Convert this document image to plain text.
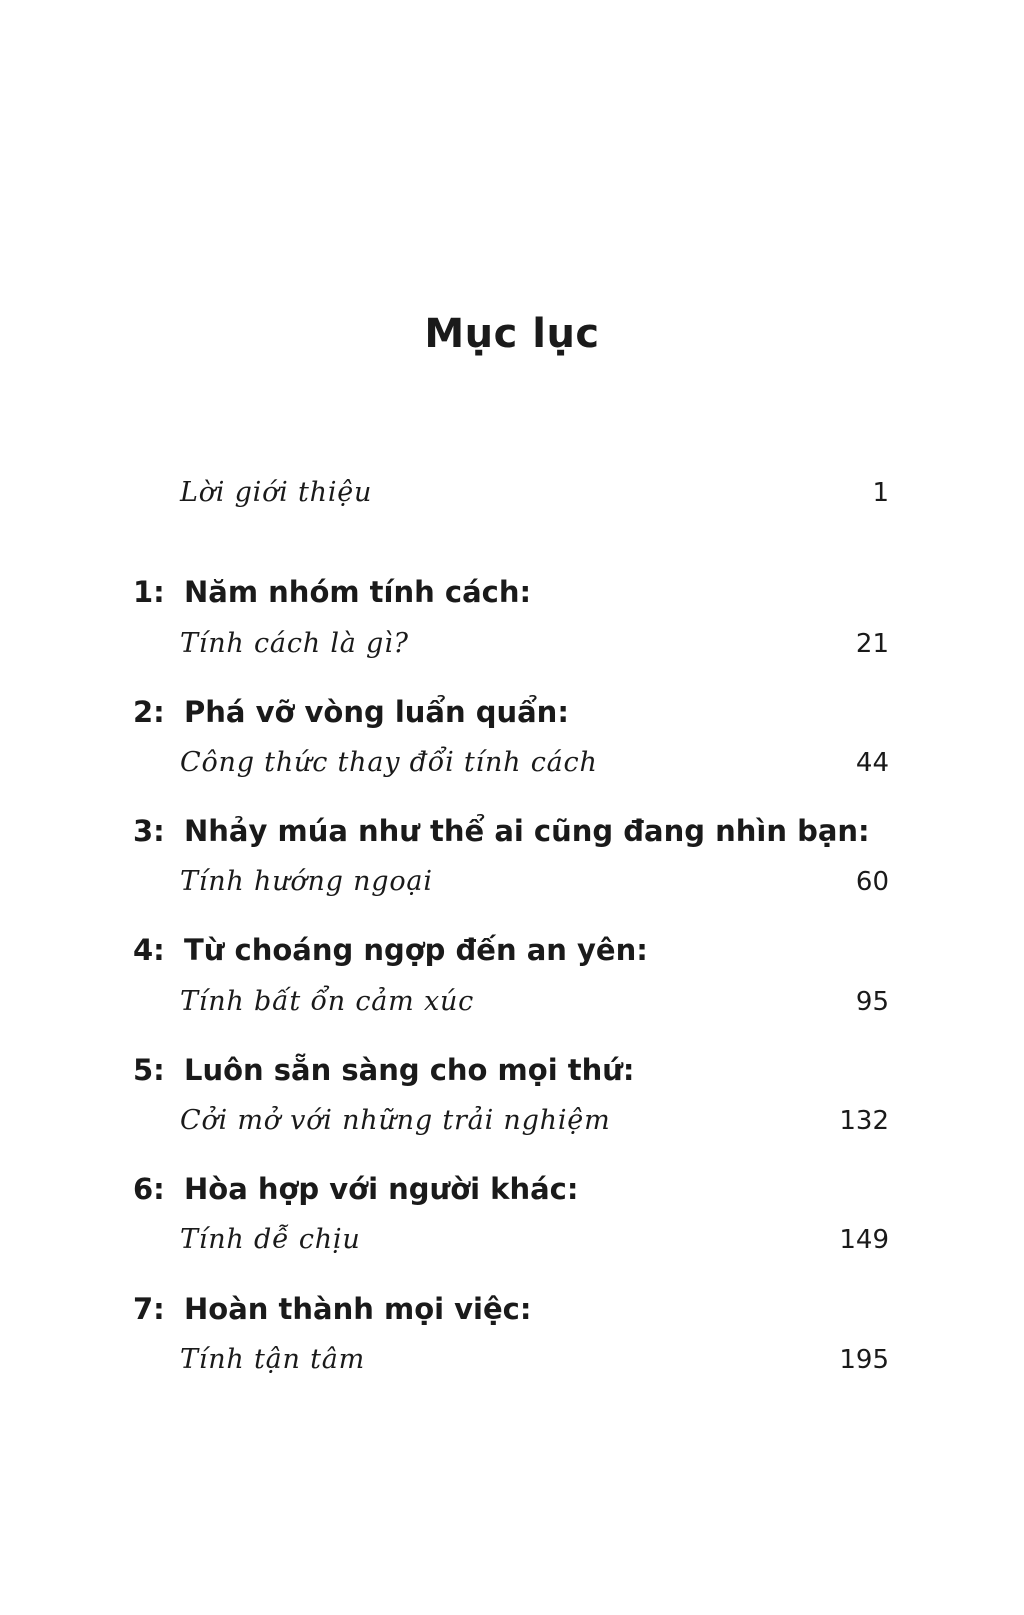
Mục lục
Lời giới thiệu	1
1: Năm nhóm tính cách:
Tính cách là gì?	21
2: Phá vỡ vòng luẩn quẩn:
Công thức thay đổi tính cách	44
3: Nhảy múa như thể ai cũng đang nhìn bạn:
Tính hướng ngoại	60
4: Từ choáng ngợp đến an yên:
Tính bất ổn cảm xúc	95
5: Luôn sẵn sàng cho mọi thứ:
Cởi mở với những trải nghiệm	132
6: Hòa hợp với người khác:
Tính dễ chịu	149
7: Hoàn thành mọi việc:
Tính tận tâm	195
